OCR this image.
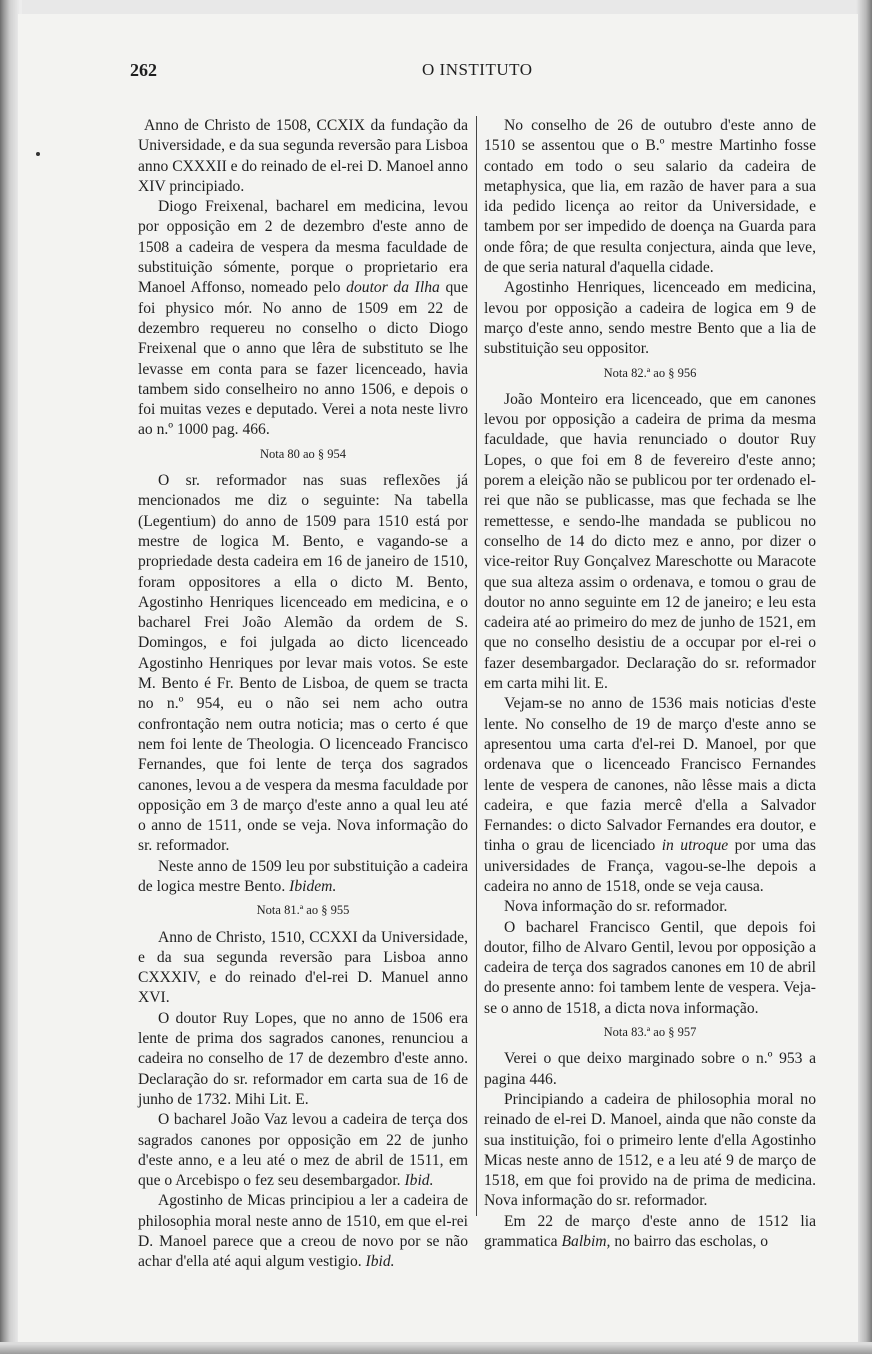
262	O INSTITUTO

Anno de Christo de 1508, CCXIX da fundação da Universidade, e da sua segunda reversão para Lisboa anno CXXXII e do reinado de el-rei D. Manoel anno XIV principiado.

Diogo Freixenal, bacharel em medicina, levou por opposição em 2 de dezembro d'este anno de 1508 a cadeira de vespera da mesma faculdade de substituição sómente, porque o proprietario era Manoel Affonso, nomeado pelo doutor da Ilha que foi physico mór. No anno de 1509 em 22 de dezembro requereu no conselho o dicto Diogo Freixenal que o anno que lêra de substituto se lhe levasse em conta para se fazer licenceado, havia tambem sido conselheiro no anno 1506, e depois o foi muitas vezes e deputado. Verei a nota neste livro ao n.º 1000 pag. 466.

Nota 80 ao § 954

O sr. reformador nas suas reflexões já mencionados me diz o seguinte: Na tabella (Legentium) do anno de 1509 para 1510 está por mestre de logica M. Bento, e vagando-se a propriedade desta cadeira em 16 de janeiro de 1510, foram oppositores a ella o dicto M. Bento, Agostinho Henriques licenceado em medicina, e o bacharel Frei João Alemão da ordem de S. Domingos, e foi julgada ao dicto licenceado Agostinho Henriques por levar mais votos. Se este M. Bento é Fr. Bento de Lisboa, de quem se tracta no n.º 954, eu o não sei nem acho outra confrontação nem outra noticia; mas o certo é que nem foi lente de Theologia. O licenceado Francisco Fernandes, que foi lente de terça dos sagrados canones, levou a de vespera da mesma faculdade por opposição em 3 de março d'este anno a qual leu até o anno de 1511, onde se veja. Nova informação do sr. reformador.

Neste anno de 1509 leu por substituição a cadeira de logica mestre Bento. Ibidem.

Nota 81.ª ao § 955

Anno de Christo, 1510, CCXXI da Universidade, e da sua segunda reversão para Lisboa anno CXXXIV, e do reinado d'el-rei D. Manuel anno XVI.

O doutor Ruy Lopes, que no anno de 1506 era lente de prima dos sagrados canones, renunciou a cadeira no conselho de 17 de dezembro d'este anno. Declaração do sr. reformador em carta sua de 16 de junho de 1732. Mihi Lit. E.

O bacharel João Vaz levou a cadeira de terça dos sagrados canones por opposição em 22 de junho d'este anno, e a leu até o mez de abril de 1511, em que o Arcebispo o fez seu desembargador. Ibid.

Agostinho de Micas principiou a ler a cadeira de philosophia moral neste anno de 1510, em que el-rei D. Manoel parece que a creou de novo por se não achar d'ella até aqui algum vestigio. Ibid.

No conselho de 26 de outubro d'este anno de 1510 se assentou que o B.º mestre Martinho fosse contado em todo o seu salario da cadeira de metaphysica, que lia, em razão de haver para a sua ida pedido licença ao reitor da Universidade, e tambem por ser impedido de doença na Guarda para onde fôra; de que resulta conjectura, ainda que leve, de que seria natural d'aquella cidade.

Agostinho Henriques, licenceado em medicina, levou por opposição a cadeira de logica em 9 de março d'este anno, sendo mestre Bento que a lia de substituição seu oppositor.

Nota 82.ª ao § 956

João Monteiro era licenceado, que em canones levou por opposição a cadeira de prima da mesma faculdade, que havia renunciado o doutor Ruy Lopes, o que foi em 8 de fevereiro d'este anno; porem a eleição não se publicou por ter ordenado el-rei que não se publicasse, mas que fechada se lhe remettesse, e sendo-lhe mandada se publicou no conselho de 14 do dicto mez e anno, por dizer o vice-reitor Ruy Gonçalvez Mareschotte ou Maracote que sua alteza assim o ordenava, e tomou o grau de doutor no anno seguinte em 12 de janeiro; e leu esta cadeira até ao primeiro do mez de junho de 1521, em que no conselho desistiu de a occupar por el-rei o fazer desembargador. Declaração do sr. reformador em carta mihi lit. E.

Vejam-se no anno de 1536 mais noticias d'este lente. No conselho de 19 de março d'este anno se apresentou uma carta d'el-rei D. Manoel, por que ordenava que o licenceado Francisco Fernandes lente de vespera de canones, não lêsse mais a dicta cadeira, e que fazia mercê d'ella a Salvador Fernandes: o dicto Salvador Fernandes era doutor, e tinha o grau de licenciado in utroque por uma das universidades de França, vagou-se-lhe depois a cadeira no anno de 1518, onde se veja causa.

Nova informação do sr. reformador.

O bacharel Francisco Gentil, que depois foi doutor, filho de Alvaro Gentil, levou por opposição a cadeira de terça dos sagrados canones em 10 de abril do presente anno: foi tambem lente de vespera. Veja-se o anno de 1518, a dicta nova informação.

Nota 83.ª ao § 957

Verei o que deixo marginado sobre o n.º 953 a pagina 446.

Principiando a cadeira de philosophia moral no reinado de el-rei D. Manoel, ainda que não conste da sua instituição, foi o primeiro lente d'ella Agostinho Micas neste anno de 1512, e a leu até 9 de março de 1518, em que foi provido na de prima de medicina. Nova informação do sr. reformador.

Em 22 de março d'este anno de 1512 lia grammatica Balbim, no bairro das escholas, o
